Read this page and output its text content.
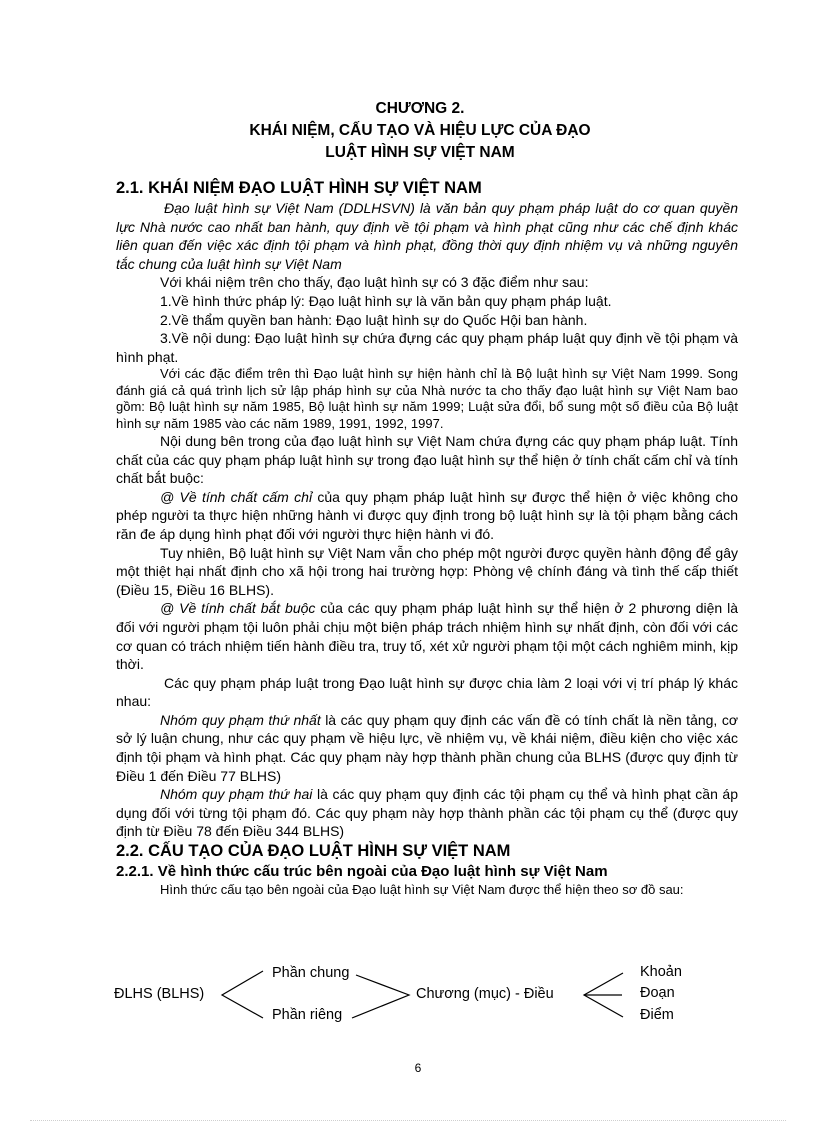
CHƯƠNG 2.
KHÁI NIỆM, CẤU TẠO VÀ HIỆU LỰC CỦA ĐẠO
LUẬT HÌNH SỰ VIỆT NAM
2.1. KHÁI NIỆM ĐẠO LUẬT HÌNH SỰ VIỆT NAM

Đạo luật hình sự Việt Nam (DDLHSVN) là văn bản quy phạm pháp luật do cơ quan quyền lực Nhà nước cao nhất ban hành, quy định về tội phạm và hình phạt cũng như các chế định khác liên quan đến việc xác định tội phạm và hình phạt, đồng thời quy định nhiệm vụ và những nguyên tắc chung của luật hình sự Việt Nam

Với khái niệm trên cho thấy, đạo luật hình sự có 3 đặc điểm như sau:

1.Về hình thức pháp lý: Đạo luật hình sự là văn bản quy phạm pháp luật.

2.Về thẩm quyền ban hành: Đạo luật hình sự do Quốc Hội ban hành.

3.Về nội dung: Đạo luật hình sự chứa đựng các quy phạm pháp luật quy định về tội phạm và hình phạt.

Với các đặc điểm trên thì Đạo luật hình sự hiện hành chỉ là Bộ luật hình sự Việt Nam 1999. Song đánh giá cả quá trình lịch sử lập pháp hình sự của Nhà nước ta cho thấy đạo luật hình sự Việt Nam bao gồm: Bộ luật hình sự năm 1985, Bộ luật hình sự năm 1999; Luật sửa đổi, bổ sung một số điều của Bộ luật hình sự năm 1985 vào các năm 1989, 1991, 1992, 1997.

Nội dung bên trong của đạo luật hình sự Việt Nam chứa đựng các quy phạm pháp luật. Tính chất của các quy phạm pháp luật hình sự trong đạo luật hình sự thể hiện ở tính chất cấm chỉ và tính chất bắt buộc:

@ Về tính chất cấm chỉ của quy phạm pháp luật hình sự được thể hiện ở việc không cho phép người ta thực hiện những hành vi được quy định trong bộ luật hình sự là tội phạm bằng cách răn đe áp dụng hình phạt đối với người thực hiện hành vi đó.

Tuy nhiên, Bộ luật hình sự Việt Nam vẫn cho phép một người được quyền hành động để gây một thiệt hại nhất định cho xã hội trong hai trường hợp: Phòng vệ chính đáng và tình thế cấp thiết (Điều 15, Điều 16 BLHS).

@ Về tính chất bắt buộc của các quy phạm pháp luật hình sự thể hiện ở 2 phương diện là đối với người phạm tội luôn phải chịu một biện pháp trách nhiệm hình sự nhất định, còn đối với các cơ quan có trách nhiệm tiến hành điều tra, truy tố, xét xử người phạm tội một cách nghiêm minh, kịp thời.

Các quy phạm pháp luật trong Đạo luật hình sự được chia làm 2 loại với vị trí pháp lý khác nhau:

Nhóm quy phạm thứ nhất là các quy phạm quy định các vấn đề có tính chất là nền tảng, cơ sở lý luận chung, như các quy phạm về hiệu lực, về nhiệm vụ, về khái niệm, điều kiện cho việc xác định tội phạm và hình phạt. Các quy phạm này hợp thành phần chung của BLHS (được quy định từ Điều 1 đến Điều 77 BLHS)

Nhóm quy phạm thứ hai là các quy phạm quy định các tội phạm cụ thể và hình phạt cần áp dụng đối với từng tội phạm đó. Các quy phạm này hợp thành phần các tội phạm cụ thể (được quy định từ Điều 78 đến Điều 344 BLHS)

2.2. CẤU TẠO CỦA ĐẠO LUẬT HÌNH SỰ VIỆT NAM
2.2.1. Về hình thức cấu trúc bên ngoài của Đạo luật hình sự Việt Nam

Hình thức cấu tạo bên ngoài của Đạo luật hình sự Việt Nam được thể hiện theo sơ đồ sau:

ĐLHS (BLHS)
Phần chung
Phần riêng
Chương (mục) - Điều
Khoản
Đoạn
Điểm
6
